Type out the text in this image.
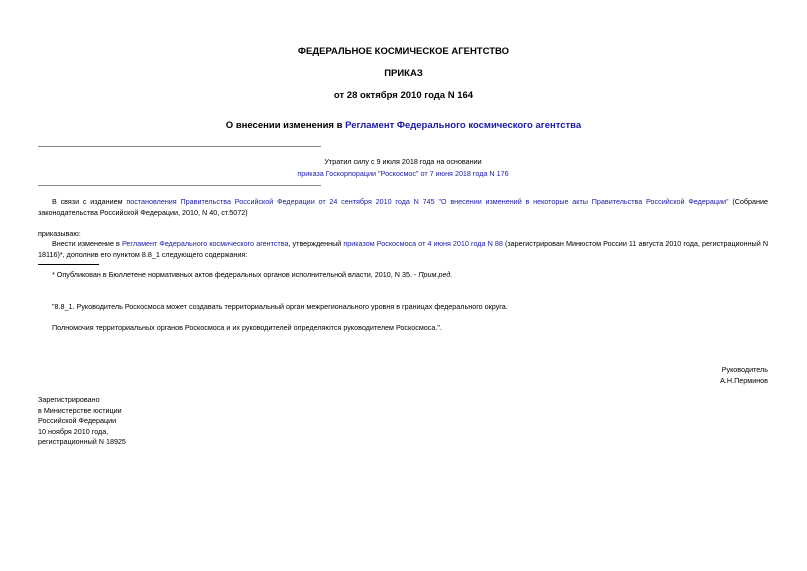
ФЕДЕРАЛЬНОЕ КОСМИЧЕСКОЕ АГЕНТСТВО
ПРИКАЗ
от 28 октября 2010 года N 164
О внесении изменения в Регламент Федерального космического агентства
Утратил силу с 9 июля 2018 года на основании
приказа Госкорпорации "Роскосмос" от 7 июня 2018 года N 176
В связи с изданием постановления Правительства Российской Федерации от 24 сентября 2010 года N 745 "О внесении изменений в некоторые акты Правительства Российской Федерации" (Собрание законодательства Российской Федерации, 2010, N 40, ст.5072)
приказываю:
Внести изменение в Регламент Федерального космического агентства, утвержденный приказом Роскосмоса от 4 июня 2010 года N 88 (зарегистрирован Минюстом России 11 августа 2010 года, регистрационный N 18116)*, дополнив его пунктом 8.8_1 следующего содержания:
* Опубликован в Бюллетене нормативных актов федеральных органов исполнительной власти, 2010, N 35. - Прим.ред.
"8.8_1. Руководитель Роскосмоса может создавать территориальный орган межрегионального уровня в границах федерального округа.
Полномочия территориальных органов Роскосмоса и их руководителей определяются руководителем Роскосмоса.".
Руководитель
А.Н.Перминов
Зарегистрировано
в Министерстве юстиции
Российской Федерации
10 ноября 2010 года,
регистрационный N 18925
